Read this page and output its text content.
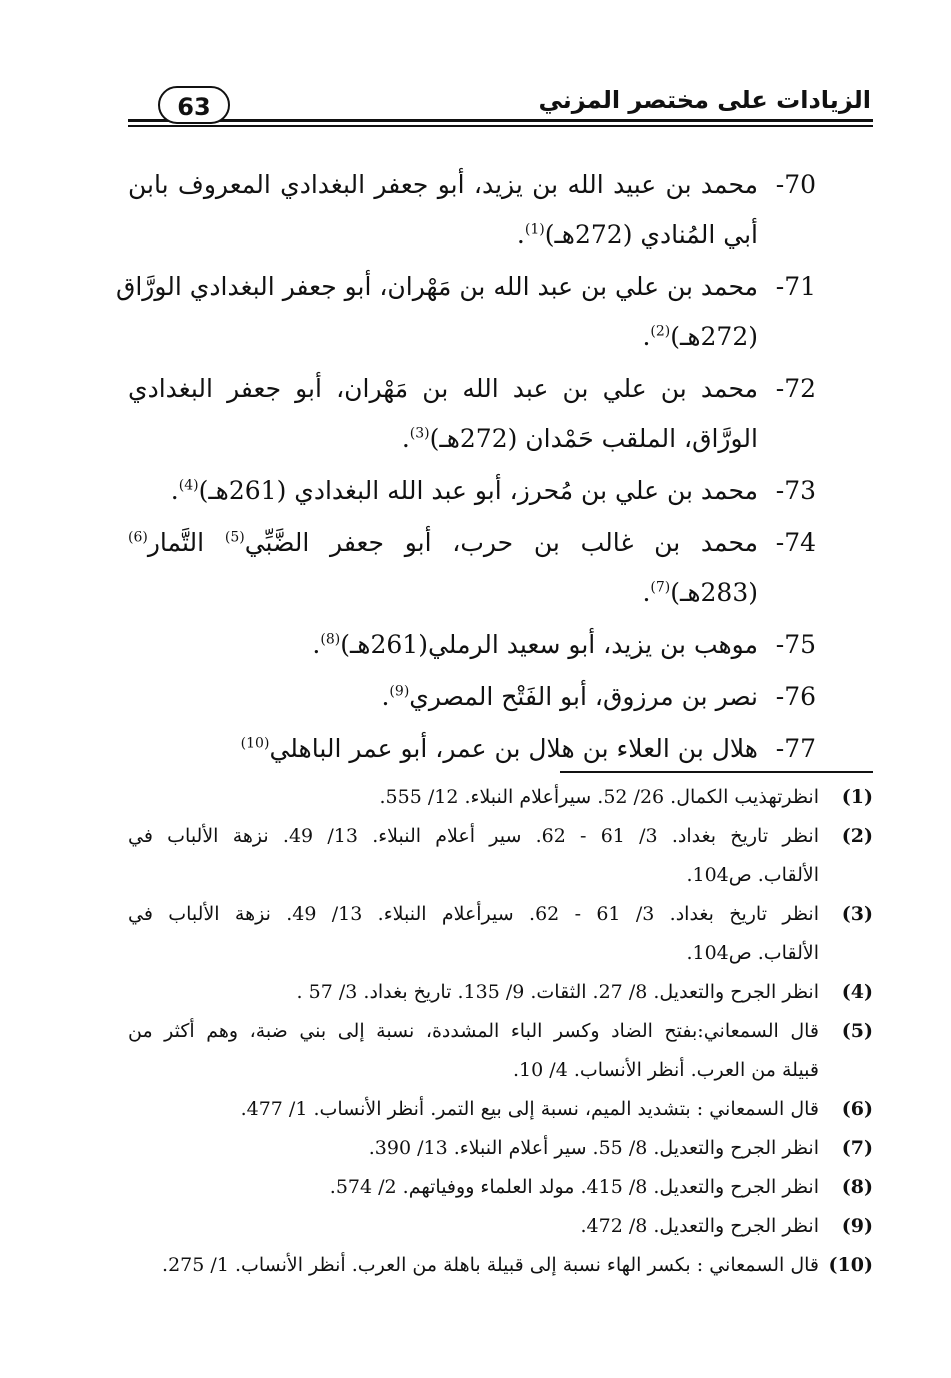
الزيادات على مختصر المزني
63
70-محمد بن عبيد الله بن يزيد، أبو جعفر البغدادي المعروف بابن
أبي المُنادي (272هـ)$^{(1)}$.
71-محمد بن علي بن عبد الله بن مَهْران، أبو جعفر البغدادي الورَّاق
(272هـ)$^{(2)}$.
72-محمد بن علي بن عبد الله بن مَهْران، أبو جعفر البغدادي
الورَّاق، الملقب حَمْدان (272هـ)$^{(3)}$.
73-محمد بن علي بن مُحرز، أبو عبد الله البغدادي (261هـ)$^{(4)}$.
74-محمد بن غالب بن حرب، أبو جعفر الضَّبِّي$^{(5)}$ التَّمار$^{(6)}$
(283هـ)$^{(7)}$.
75-موهب بن يزيد، أبو سعيد الرملي(261هـ)$^{(8)}$.
76-نصر بن مرزوق، أبو الفَتْح المصري$^{(9)}$.
77-هلال بن العلاء بن هلال بن عمر، أبو عمر الباهلي$^{(10)}$
(1)انظرتهذيب الكمال. 26/ 52. سيرأعلام النبلاء. 12/ 555.
(2)انظر تاريخ بغداد. 3/ 61 - 62. سير أعلام النبلاء. 13/ 49. نزهة الألباب في
الألقاب. ص104.
(3)انظر تاريخ بغداد. 3/ 61 - 62. سيرأعلام النبلاء. 13/ 49. نزهة الألباب في
الألقاب. ص104.
(4)انظر الجرح والتعديل. 8/ 27. الثقات. 9/ 135. تاريخ بغداد. 3/ 57 .
(5)قال السمعاني:بفتح الضاد وكسر الباء المشددة، نسبة إلى بني ضبة، وهم أكثر من
قبيلة من العرب. أنظر الأنساب. 4/ 10.
(6)قال السمعاني : بتشديد الميم، نسبة إلى بيع التمر. أنظر الأنساب. 1/ 477.
(7)انظر الجرح والتعديل. 8/ 55. سير أعلام النبلاء. 13/ 390.
(8)انظر الجرح والتعديل. 8/ 415. مولد العلماء ووفياتهم. 2/ 574.
(9)انظر الجرح والتعديل. 8/ 472.
(10)قال السمعاني : بكسر الهاء نسبة إلى قبيلة باهلة من العرب. أنظر الأنساب. 1/ 275.
